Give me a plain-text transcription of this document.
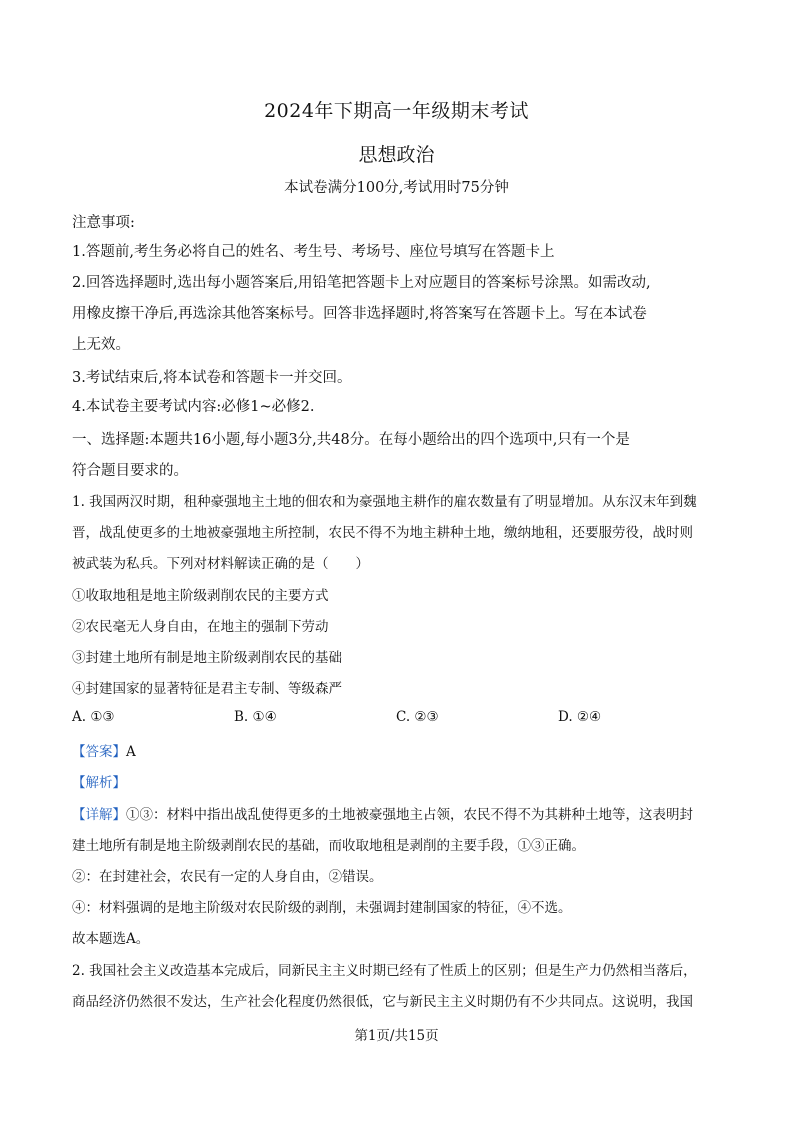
2024年下期高一年级期末考试
思想政治
本试卷满分100分,考试用时75分钟
注意事项:
1.答题前,考生务必将自己的姓名、考生号、考场号、座位号填写在答题卡上
2.回答选择题时,选出每小题答案后,用铅笔把答题卡上对应题目的答案标号涂黑。如需改动,
用橡皮擦干净后,再选涂其他答案标号。回答非选择题时,将答案写在答题卡上。写在本试卷
上无效。
3.考试结束后,将本试卷和答题卡一并交回。
4.本试卷主要考试内容:必修1~必修2.
一、选择题:本题共16小题,每小题3分,共48分。在每小题给出的四个选项中,只有一个是
符合题目要求的。
1. 我国两汉时期，租种豪强地主土地的佃农和为豪强地主耕作的雇农数量有了明显增加。从东汉末年到魏
晋，战乱使更多的土地被豪强地主所控制，农民不得不为地主耕种土地，缴纳地租，还要服劳役，战时则
被武装为私兵。下列对材料解读正确的是（　　）
①收取地租是地主阶级剥削农民的主要方式
②农民毫无人身自由，在地主的强制下劳动
③封建土地所有制是地主阶级剥削农民的基础
④封建国家的显著特征是君主专制、等级森严
A. ①③	B. ①④	C. ②③	D. ②④
【答案】A
【解析】
【详解】①③：材料中指出战乱使得更多的土地被豪强地主占领，农民不得不为其耕种土地等，这表明封
建土地所有制是地主阶级剥削农民的基础，而收取地租是剥削的主要手段，①③正确。
②：在封建社会，农民有一定的人身自由，②错误。
④：材料强调的是地主阶级对农民阶级的剥削，未强调封建制国家的特征，④不选。
故本题选A。
2. 我国社会主义改造基本完成后，同新民主主义时期已经有了性质上的区别；但是生产力仍然相当落后，
商品经济仍然很不发达，生产社会化程度仍然很低，它与新民主主义时期仍有不少共同点。这说明，我国
第1页/共15页
